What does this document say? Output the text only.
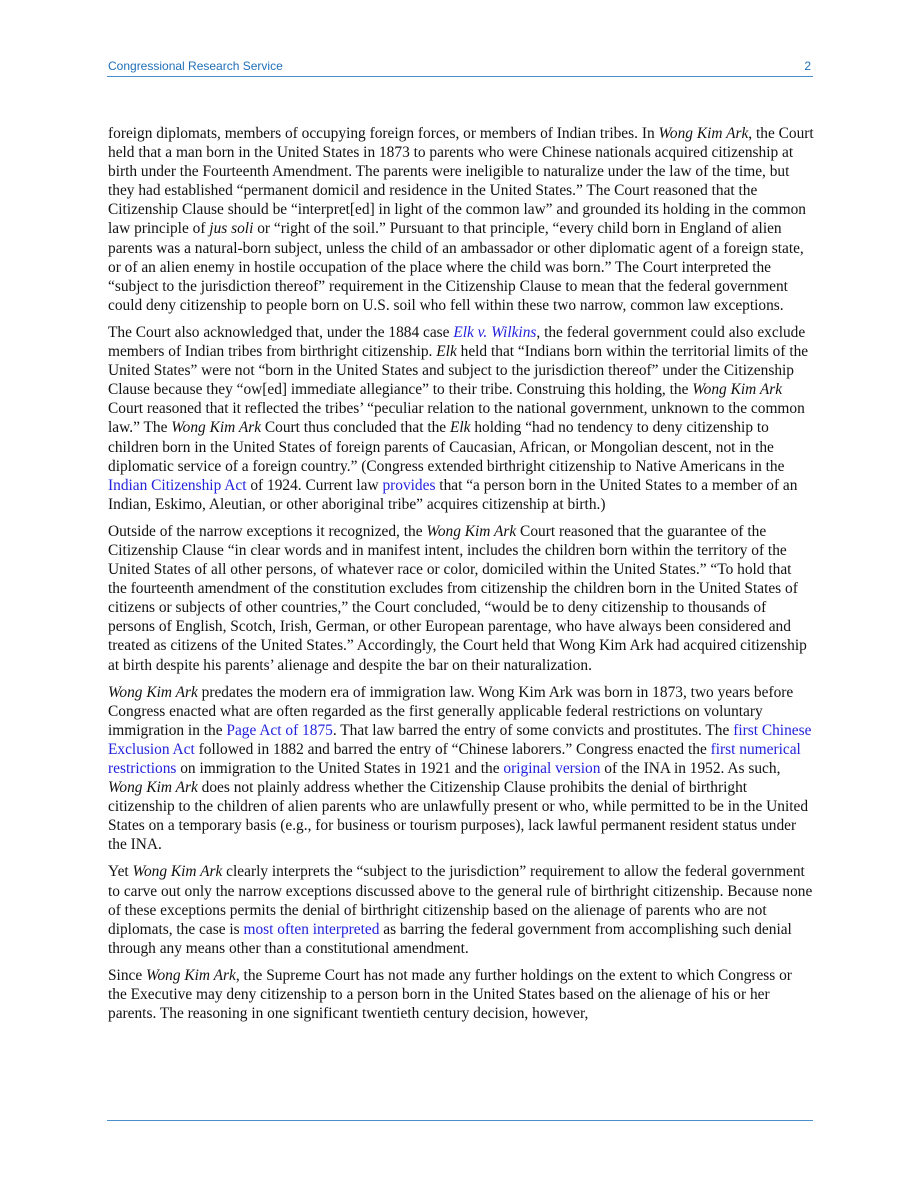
Congressional Research Service	2

foreign diplomats, members of occupying foreign forces, or members of Indian tribes. In Wong Kim Ark, the Court held that a man born in the United States in 1873 to parents who were Chinese nationals acquired citizenship at birth under the Fourteenth Amendment. The parents were ineligible to naturalize under the law of the time, but they had established “permanent domicil and residence in the United States.” The Court reasoned that the Citizenship Clause should be “interpret[ed] in light of the common law” and grounded its holding in the common law principle of jus soli or “right of the soil.” Pursuant to that principle, “every child born in England of alien parents was a natural-born subject, unless the child of an ambassador or other diplomatic agent of a foreign state, or of an alien enemy in hostile occupation of the place where the child was born.” The Court interpreted the “subject to the jurisdiction thereof” requirement in the Citizenship Clause to mean that the federal government could deny citizenship to people born on U.S. soil who fell within these two narrow, common law exceptions.

The Court also acknowledged that, under the 1884 case Elk v. Wilkins, the federal government could also exclude members of Indian tribes from birthright citizenship. Elk held that “Indians born within the territorial limits of the United States” were not “born in the United States and subject to the jurisdiction thereof” under the Citizenship Clause because they “ow[ed] immediate allegiance” to their tribe. Construing this holding, the Wong Kim Ark Court reasoned that it reflected the tribes’ “peculiar relation to the national government, unknown to the common law.” The Wong Kim Ark Court thus concluded that the Elk holding “had no tendency to deny citizenship to children born in the United States of foreign parents of Caucasian, African, or Mongolian descent, not in the diplomatic service of a foreign country.” (Congress extended birthright citizenship to Native Americans in the Indian Citizenship Act of 1924. Current law provides that “a person born in the United States to a member of an Indian, Eskimo, Aleutian, or other aboriginal tribe” acquires citizenship at birth.)

Outside of the narrow exceptions it recognized, the Wong Kim Ark Court reasoned that the guarantee of the Citizenship Clause “in clear words and in manifest intent, includes the children born within the territory of the United States of all other persons, of whatever race or color, domiciled within the United States.” “To hold that the fourteenth amendment of the constitution excludes from citizenship the children born in the United States of citizens or subjects of other countries,” the Court concluded, “would be to deny citizenship to thousands of persons of English, Scotch, Irish, German, or other European parentage, who have always been considered and treated as citizens of the United States.” Accordingly, the Court held that Wong Kim Ark had acquired citizenship at birth despite his parents’ alienage and despite the bar on their naturalization.

Wong Kim Ark predates the modern era of immigration law. Wong Kim Ark was born in 1873, two years before Congress enacted what are often regarded as the first generally applicable federal restrictions on voluntary immigration in the Page Act of 1875. That law barred the entry of some convicts and prostitutes. The first Chinese Exclusion Act followed in 1882 and barred the entry of “Chinese laborers.” Congress enacted the first numerical restrictions on immigration to the United States in 1921 and the original version of the INA in 1952. As such, Wong Kim Ark does not plainly address whether the Citizenship Clause prohibits the denial of birthright citizenship to the children of alien parents who are unlawfully present or who, while permitted to be in the United States on a temporary basis (e.g., for business or tourism purposes), lack lawful permanent resident status under the INA.

Yet Wong Kim Ark clearly interprets the “subject to the jurisdiction” requirement to allow the federal government to carve out only the narrow exceptions discussed above to the general rule of birthright citizenship. Because none of these exceptions permits the denial of birthright citizenship based on the alienage of parents who are not diplomats, the case is most often interpreted as barring the federal government from accomplishing such denial through any means other than a constitutional amendment.

Since Wong Kim Ark, the Supreme Court has not made any further holdings on the extent to which Congress or the Executive may deny citizenship to a person born in the United States based on the alienage of his or her parents. The reasoning in one significant twentieth century decision, however,
